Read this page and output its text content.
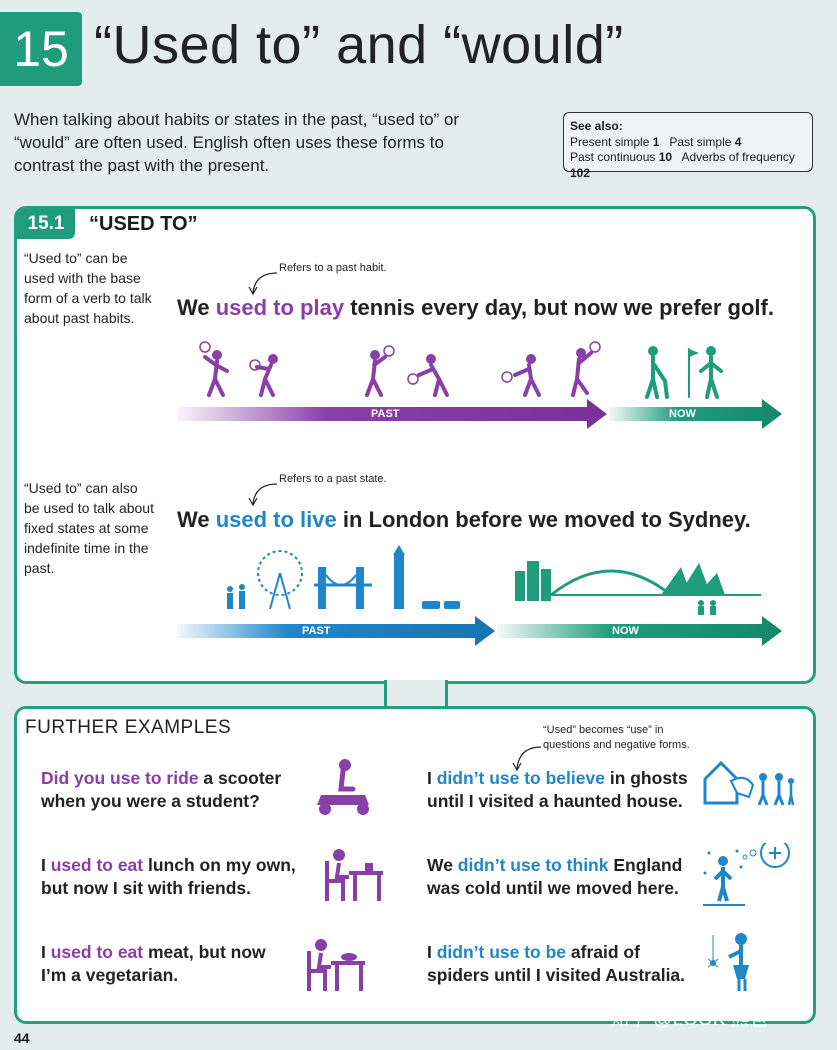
15 “Used to” and “would”
When talking about habits or states in the past, “used to” or “would” are often used. English often uses these forms to contrast the past with the present.
See also:
Present simple 1 Past simple 4
Past continuous 10 Adverbs of frequency 102
15.1	“USED TO”
“Used to” can be used with the base form of a verb to talk about past habits.
Refers to a past habit.
We used to play tennis every day, but now we prefer golf.
PAST	NOW
“Used to” can also be used to talk about fixed states at some indefinite time in the past.
Refers to a past state.
We used to live in London before we moved to Sydney.
PAST	NOW
FURTHER EXAMPLES	“Used” becomes “use” in questions and negative forms.
Did you use to ride a scooter
when you were a student?
I didn’t use to believe in ghosts
until I visited a haunted house.
I used to eat lunch on my own,
but now I sit with friends.
We didn’t use to think England
was cold until we moved here.
I used to eat meat, but now
I’m a vegetarian.
I didn’t use to be afraid of
spiders until I visited Australia.
44
知乎 @LOOK 熊爸
